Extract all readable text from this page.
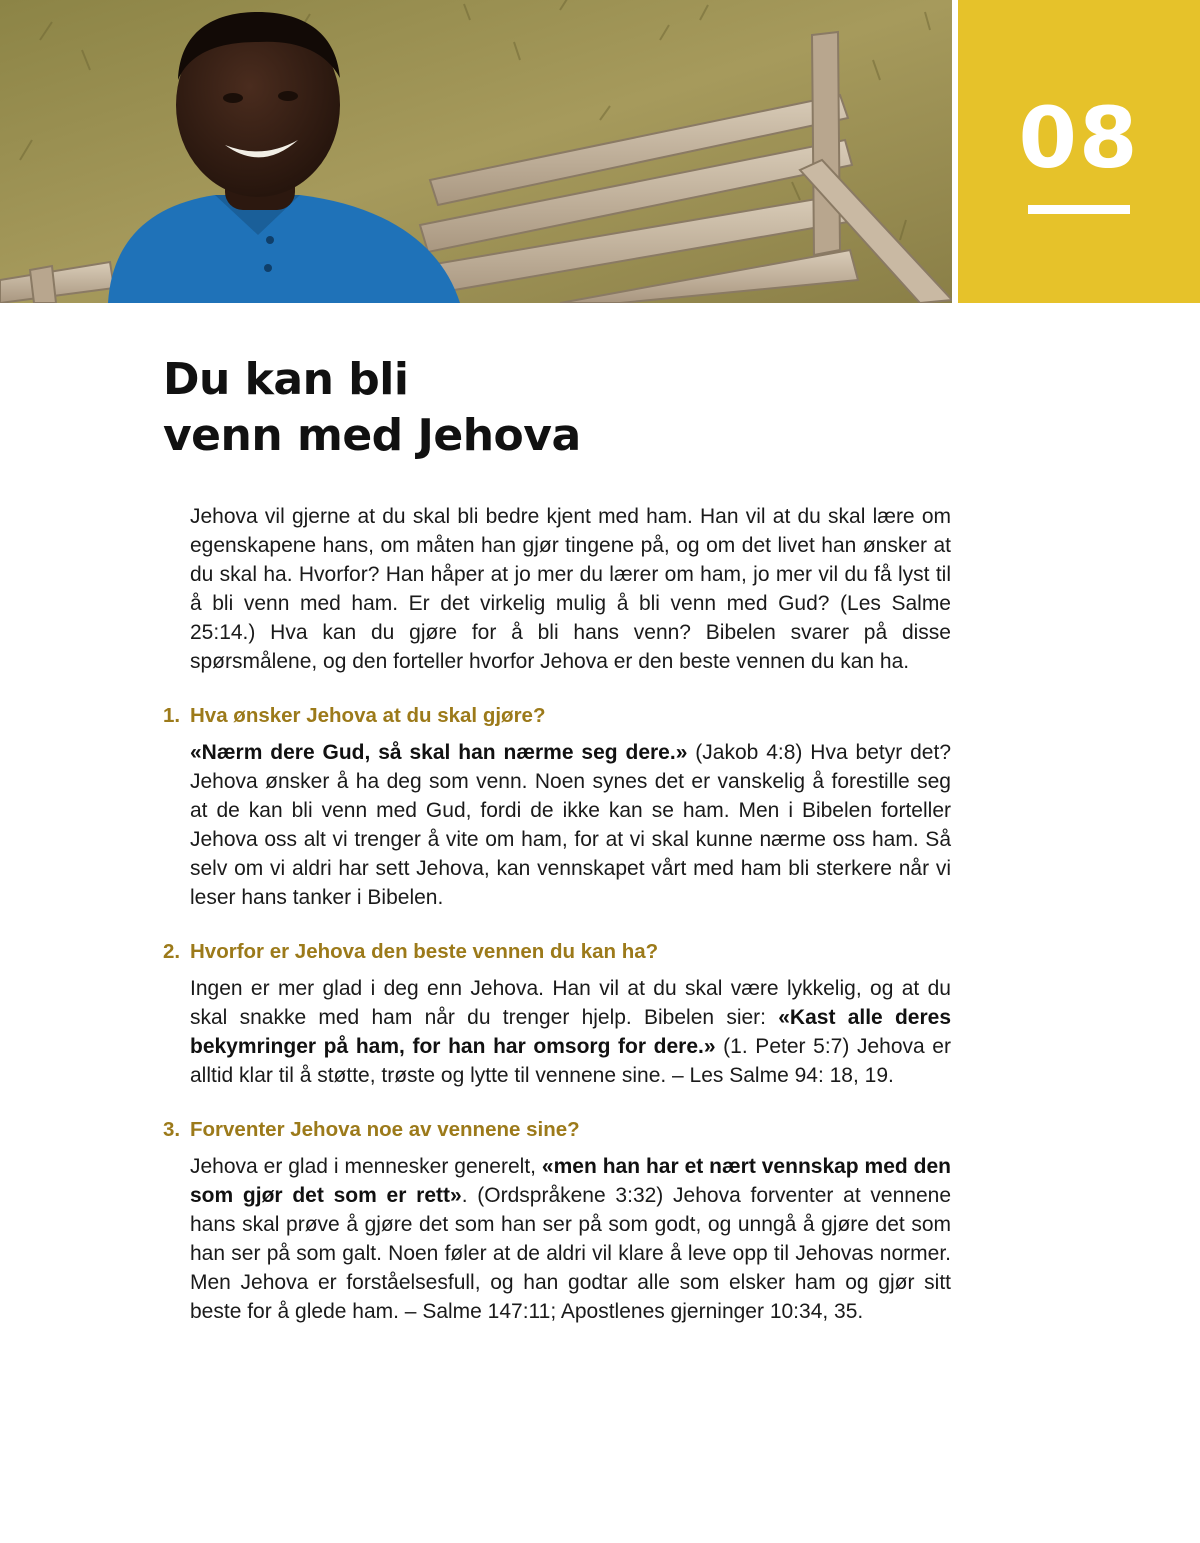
08
Du kan bli
venn med Jehova

Jehova vil gjerne at du skal bli bedre kjent med ham. Han vil at du skal lære om egenskapene hans, om måten han gjør tingene på, og om det livet han ønsker at du skal ha. Hvorfor? Han håper at jo mer du lærer om ham, jo mer vil du få lyst til å bli venn med ham. Er det virkelig mulig å bli venn med Gud? (Les Salme 25:14.) Hva kan du gjøre for å bli hans venn? Bibelen svarer på disse spørsmålene, og den forteller hvorfor Jehova er den beste vennen du kan ha.

1. Hva ønsker Jehova at du skal gjøre?

«Nærm dere Gud, så skal han nærme seg dere.» (Jakob 4:8) Hva betyr det? Jehova ønsker å ha deg som venn. Noen synes det er vanskelig å forestille seg at de kan bli venn med Gud, fordi de ikke kan se ham. Men i Bibelen forteller Jehova oss alt vi trenger å vite om ham, for at vi skal kunne nærme oss ham. Så selv om vi aldri har sett Jehova, kan vennskapet vårt med ham bli sterkere når vi leser hans tanker i Bibelen.

2. Hvorfor er Jehova den beste vennen du kan ha?

Ingen er mer glad i deg enn Jehova. Han vil at du skal være lykkelig, og at du skal snakke med ham når du trenger hjelp. Bibelen sier: «Kast alle deres bekymringer på ham, for han har omsorg for dere.» (1. Peter 5:7) Jehova er alltid klar til å støtte, trøste og lytte til vennene sine. – Les Salme 94: 18, 19.

3. Forventer Jehova noe av vennene sine?

Jehova er glad i mennesker generelt, «men han har et nært vennskap med den som gjør det som er rett». (Ordspråkene 3:32) Jehova forventer at vennene hans skal prøve å gjøre det som han ser på som godt, og unngå å gjøre det som han ser på som galt. Noen føler at de aldri vil klare å leve opp til Jehovas normer. Men Jehova er forståelsesfull, og han godtar alle som elsker ham og gjør sitt beste for å glede ham. – Salme 147:11; Apostlenes gjerninger 10:34, 35.
